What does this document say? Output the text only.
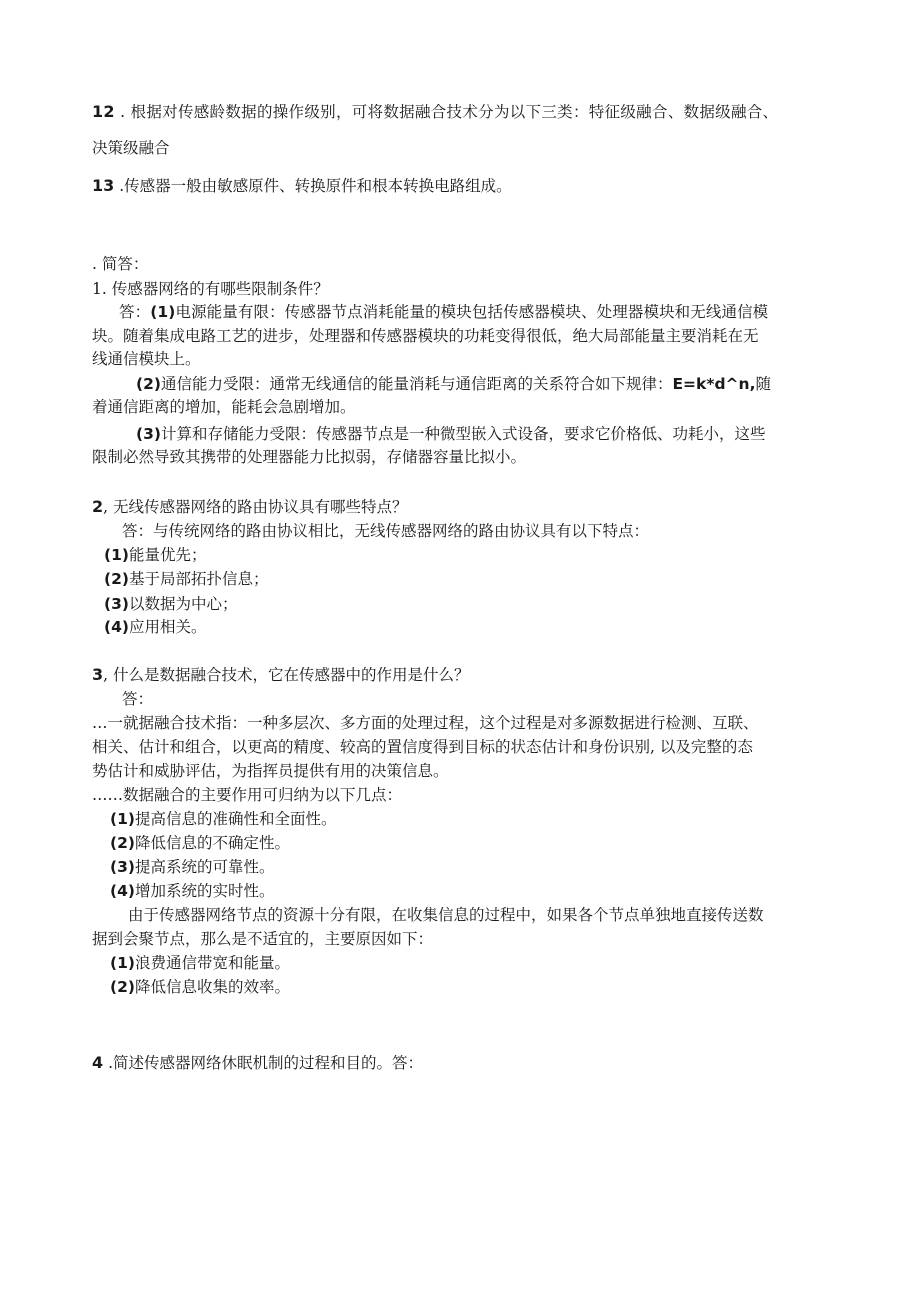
12 . 根据对传感龄数据的操作级别，可将数据融合技术分为以下三类：特征级融合、数据级融合、
决策级融合
13 .传感器一般由敏感原件、转换原件和根本转换电路组成。
. 简答：
1. 传感器网络的有哪些限制条件？
答：(1)电源能量有限：传感器节点消耗能量的模块包括传感器模块、处理器模块和无线通信模
块。随着集成电路工艺的进步，处理器和传感器模块的功耗变得很低，绝大局部能量主要消耗在无
线通信模块上。
(2)通信能力受限：通常无线通信的能量消耗与通信距离的关系符合如下规律：E=k*d^n,随
着通信距离的增加，能耗会急剧增加。
(3)计算和存储能力受限：传感器节点是一种微型嵌入式设备，要求它价格低、功耗小，这些
限制必然导致其携带的处理器能力比拟弱，存储器容量比拟小。
2, 无线传感器网络的路由协议具有哪些特点？
答：与传统网络的路由协议相比，无线传感器网络的路由协议具有以下特点：
(1)能量优先；
(2)基于局部拓扑信息；
(3)以数据为中心；
(4)应用相关。
3, 什么是数据融合技术，它在传感器中的作用是什么？
答：
…一就据融合技术指：一种多层次、多方面的处理过程，这个过程是对多源数据进行检测、互联、
相关、估计和组合，以更高的精度、较高的置信度得到目标的状态估计和身份识别, 以及完整的态
势估计和威胁评估，为指挥员提供有用的决策信息。
……数据融合的主要作用可归纳为以下几点：
(1)提高信息的准确性和全面性。
(2)降低信息的不确定性。
(3)提高系统的可靠性。
(4)增加系统的实时性。
由于传感器网络节点的资源十分有限，在收集信息的过程中，如果各个节点单独地直接传送数
据到会聚节点，那么是不适宜的，主要原因如下：
(1)浪费通信带宽和能量。
(2)降低信息收集的效率。
4 .简述传感器网络休眠机制的过程和目的。答：
